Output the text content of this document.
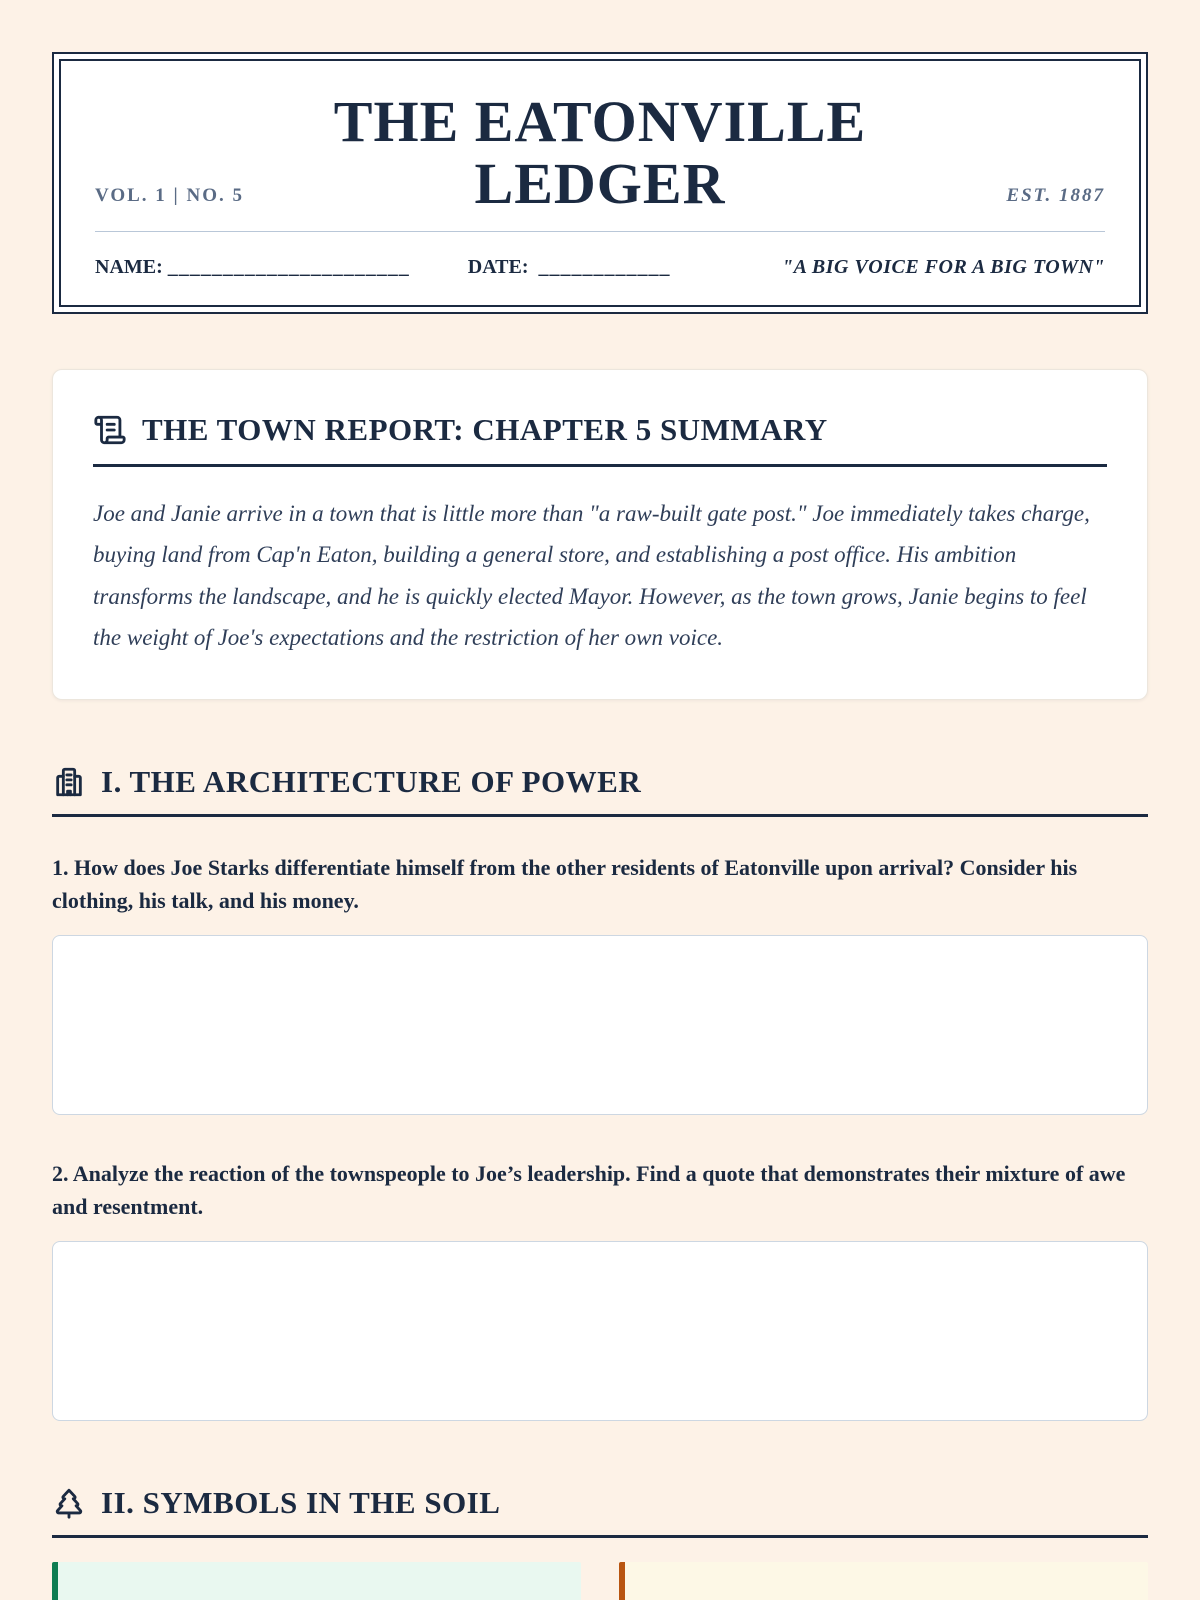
VOL. 1 | NO. 5
THE EATONVILLE LEDGER	EST. 1887
NAME:
______________________	DATE: ____________	"A BIG VOICE FOR A BIG TOWN"
THE TOWN REPORT: CHAPTER 5 SUMMARY

Joe and Janie arrive in a town that is little more than "a raw-built gate post." Joe immediately takes charge, buying land from Cap'n Eaton, building a general store, and establishing a post office. His ambition transforms the landscape, and he is quickly elected Mayor. However, as the town grows, Janie begins to feel the weight of Joe's expectations and the restriction of her own voice.

I. THE ARCHITECTURE OF POWER

1. How does Joe Starks differentiate himself from the other residents of Eatonville upon arrival? Consider his clothing, his talk, and his money.

2. Analyze the reaction of the townspeople to Joe’s leadership. Find a quote that demonstrates their mixture of awe and resentment.

II. SYMBOLS IN THE SOIL
